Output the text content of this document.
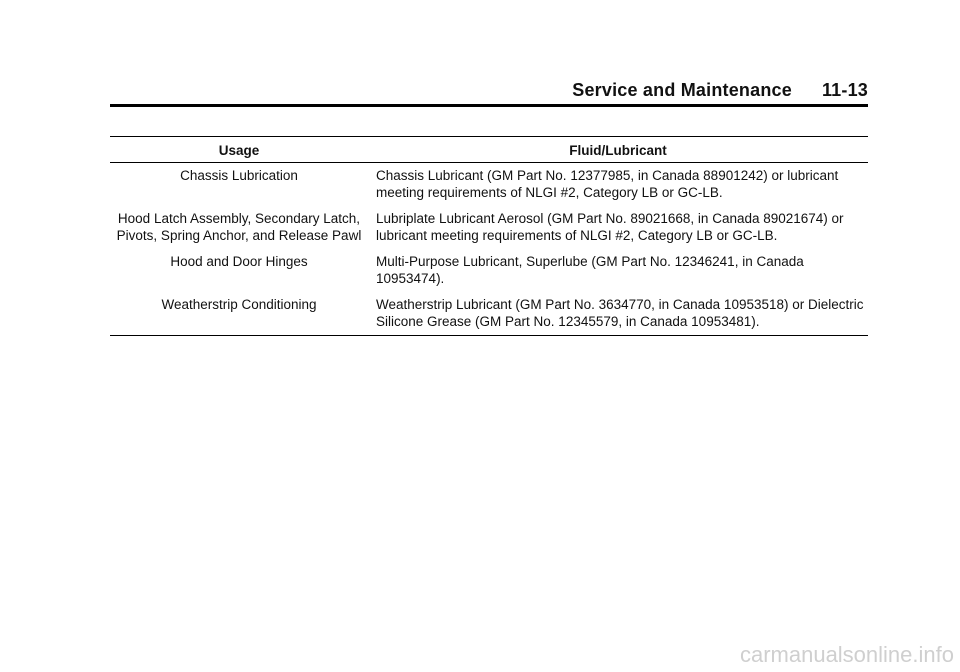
Service and Maintenance 11-13
Usage	Fluid/Lubricant
Chassis Lubrication	Chassis Lubricant (GM Part No. 12377985, in Canada 88901242) or lubricant meeting requirements of NLGI #2, Category LB or GC-LB.
Hood Latch Assembly, Secondary Latch, Pivots, Spring Anchor, and Release Pawl	Lubriplate Lubricant Aerosol (GM Part No. 89021668, in Canada 89021674) or lubricant meeting requirements of NLGI #2, Category LB or GC-LB.
Hood and Door Hinges	Multi-Purpose Lubricant, Superlube (GM Part No. 12346241, in Canada 10953474).
Weatherstrip Conditioning	Weatherstrip Lubricant (GM Part No. 3634770, in Canada 10953518) or Dielectric Silicone Grease (GM Part No. 12345579, in Canada 10953481).
carmanualsonline.info
